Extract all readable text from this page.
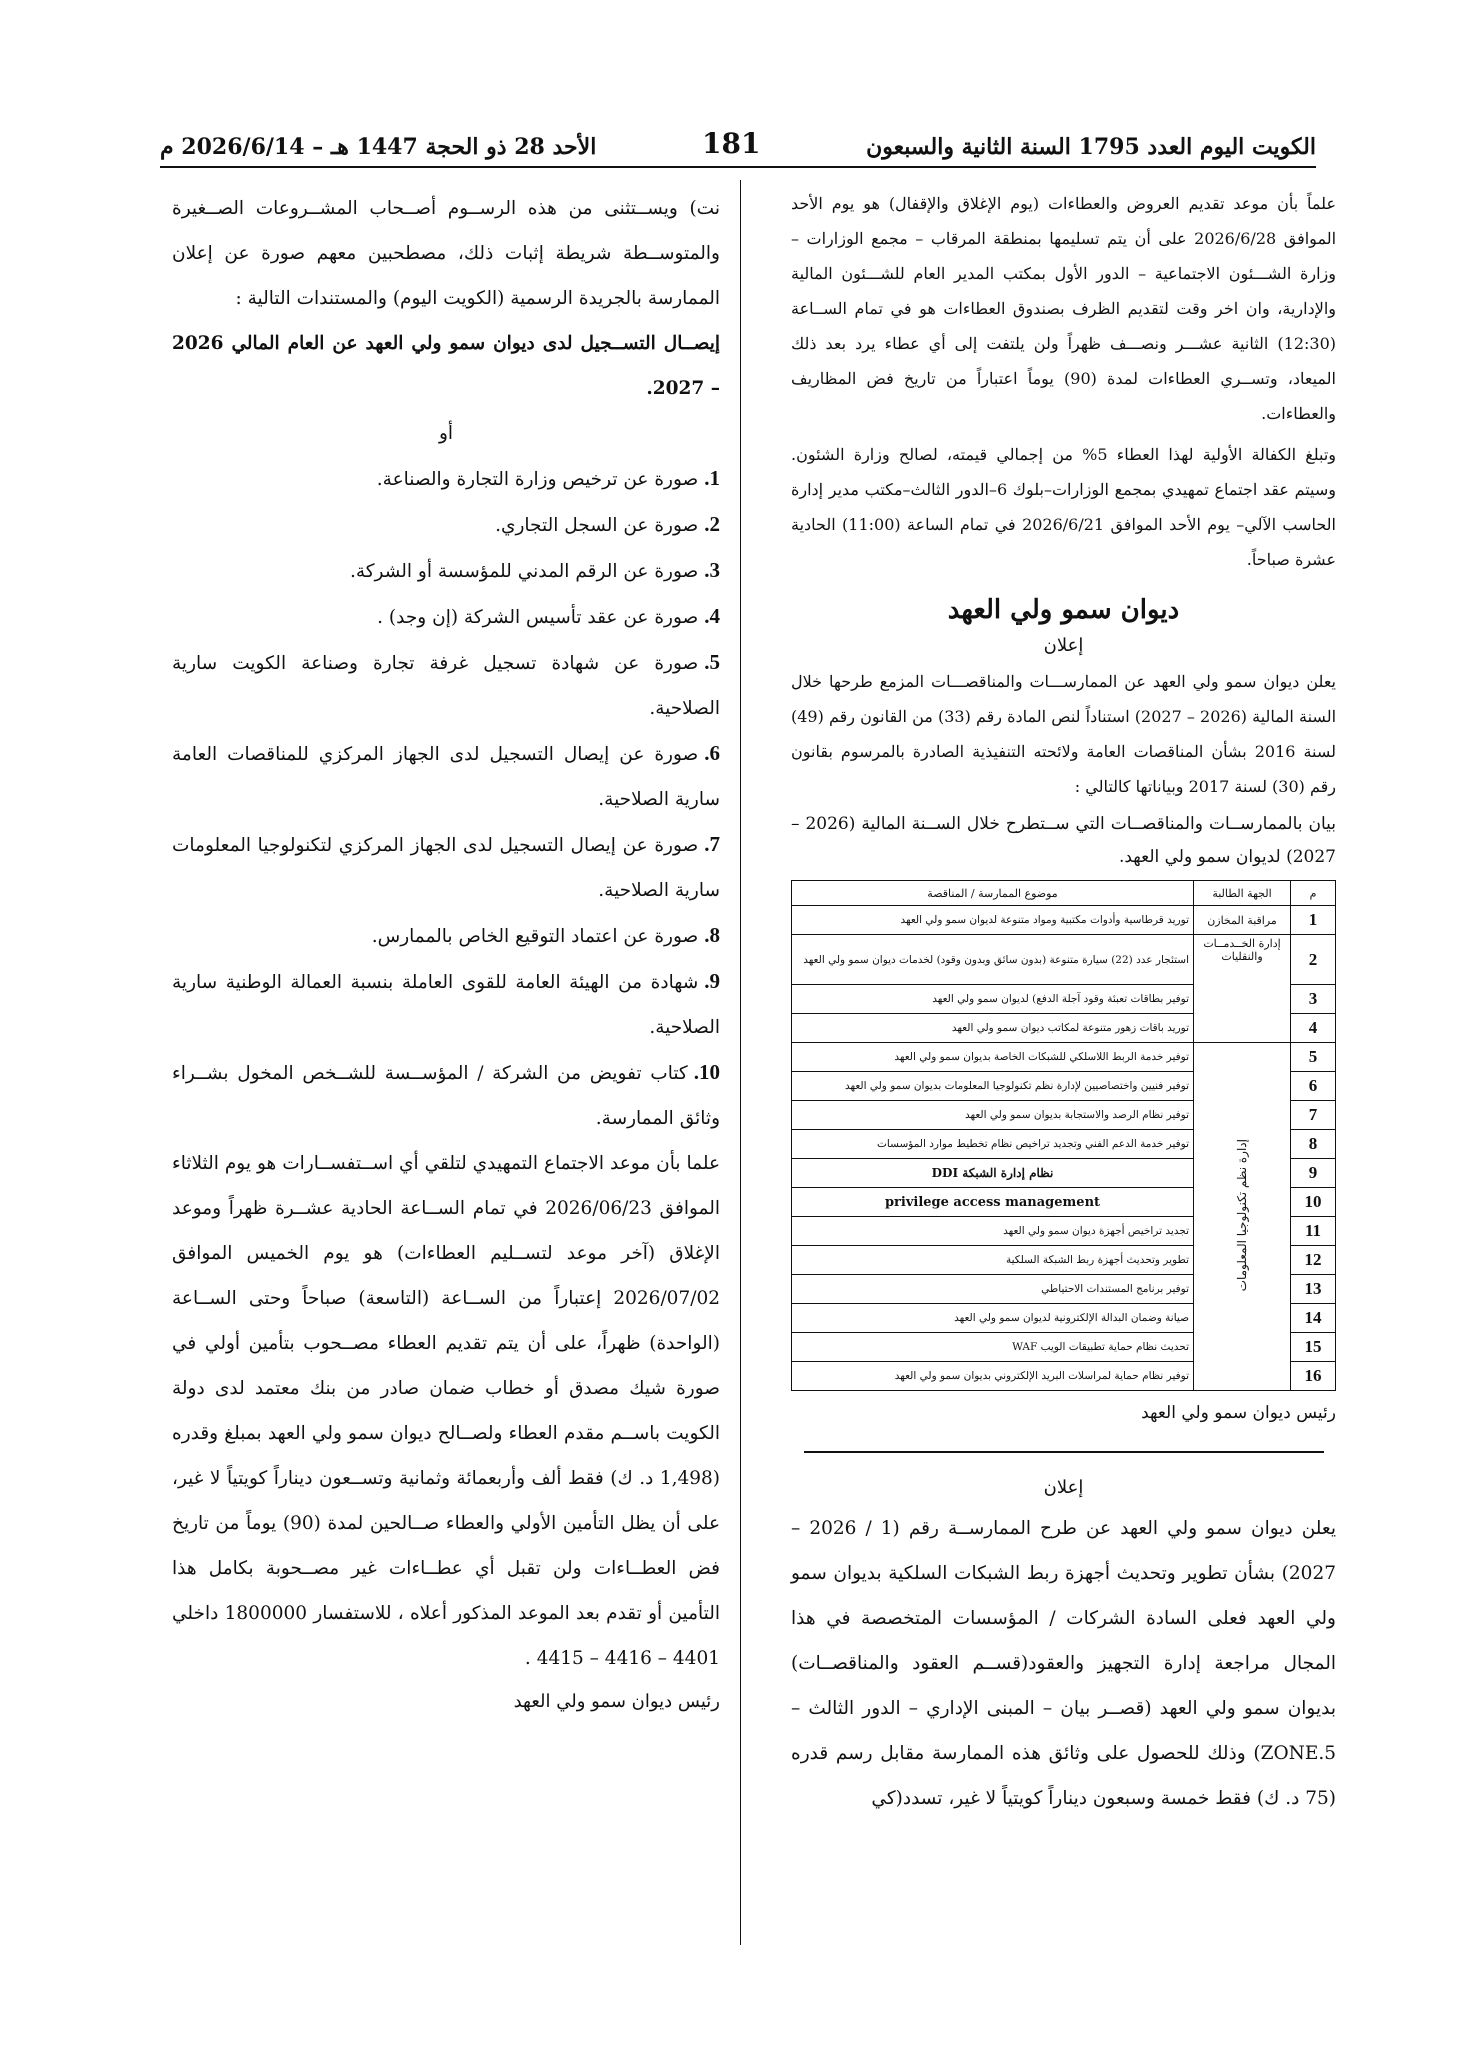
الكويت اليوم العدد 1795 السنة الثانية والسبعون
181
الأحد 28 ذو الحجة 1447 هـ – 2026/6/14 م

علماً بأن موعد تقديم العروض والعطاءات (يوم الإغلاق والإقفال) هو يوم الأحد الموافق 2026/6/28 على أن يتم تسليمها بمنطقة المرقاب – مجمع الوزارات – وزارة الشـــئون الاجتماعية – الدور الأول بمكتب المدير العام للشـــئون المالية والإدارية، وان اخر وقت لتقديم الظرف بصندوق العطاءات هو في تمام الســاعة (12:30) الثانية عشـــر ونصـــف ظهراً ولن يلتفت إلى أي عطاء يرد بعد ذلك الميعاد، وتســري العطاءات لمدة (90) يوماً اعتباراً من تاريخ فض المظاريف والعطاءات.

وتبلغ الكفالة الأولية لهذا العطاء 5% من إجمالي قيمته، لصالح وزارة الشئون. وسيتم عقد اجتماع تمهيدي بمجمع الوزارات–بلوك 6–الدور الثالث–مكتب مدير إدارة الحاسب الآلي– يوم الأحد الموافق 2026/6/21 في تمام الساعة (11:00) الحادية عشرة صباحاً.

ديوان سمو ولي العهد
إعلان

يعلن ديوان سمو ولي العهد عن الممارســـات والمناقصـــات المزمع طرحها خلال السنة المالية (2026 – 2027) استناداً لنص المادة رقم (33) من القانون رقم (49) لسنة 2016 بشأن المناقصات العامة ولائحته التنفيذية الصادرة بالمرسوم بقانون رقم (30) لسنة 2017 وبياناتها كالتالي :

بيان بالممارســات والمناقصــات التي ســتطرح خلال الســنة المالية (2026 – 2027) لديوان سمو ولي العهد.

م	الجهة الطالبة	موضوع الممارسة / المناقصة
1	مراقبة المخازن	توريد قرطاسية وأدوات مكتبية ومواد متنوعة لديوان سمو ولي العهد
2	إدارة الخــدمــات والنقليات	استئجار عدد (22) سيارة متنوعة (بدون سائق وبدون وقود) لخدمات ديوان سمو ولي العهد
3		توفير بطاقات تعبئة وقود آجلة الدفع) لديوان سمو ولي العهد
4		توريد باقات زهور متنوعة لمكاتب ديوان سمو ولي العهد
5	إدارة نظم تكنولوجيا المعلومات	توفير خدمة الربط اللاسلكي للشبكات الخاصة بديوان سمو ولي العهد
6		توفير فنيين واختصاصيين لإدارة نظم تكنولوجيا المعلومات بديوان سمو ولي العهد
7		توفير نظام الرصد والاستجابة بديوان سمو ولي العهد
8		توفير خدمة الدعم الفني وتجديد تراخيص نظام تخطيط موارد المؤسسات
9		نظام إدارة الشبكة DDI
10		privilege access management
11		تجديد تراخيص أجهزة ديوان سمو ولي العهد
12		تطوير وتحديث أجهزة ربط الشبكة السلكية
13		توفير برنامج المستندات الاحتياطي
14		صيانة وضمان البدالة الإلكترونية لديوان سمو ولي العهد
15		تحديث نظام حماية تطبيقات الويب WAF
16		توفير نظام حماية لمراسلات البريد الإلكتروني بديوان سمو ولي العهد
رئيس ديوان سمو ولي العهد
إعلان

يعلن ديوان سمو ولي العهد عن طرح الممارســة رقم (1 / 2026 – 2027) بشأن تطوير وتحديث أجهزة ربط الشبكات السلكية بديوان سمو ولي العهد فعلى السادة الشركات / المؤسسات المتخصصة في هذا المجال مراجعة إدارة التجهيز والعقود(قســم العقود والمناقصــات) بديوان سمو ولي العهد (قصــر بيان – المبنى الإداري – الدور الثالث – ZONE.5) وذلك للحصول على وثائق هذه الممارسة مقابل رسم قدره (75 د. ك) فقط خمسة وسبعون ديناراً كويتياً لا غير، تسدد(كي

نت) ويســتثنى من هذه الرســوم أصــحاب المشــروعات الصــغيرة والمتوســطة شريطة إثبات ذلك، مصطحبين معهم صورة عن إعلان الممارسة بالجريدة الرسمية (الكويت اليوم) والمستندات التالية :

إيصــال التســجيل لدى ديوان سمو ولي العهد عن العام المالي 2026 – 2027.

أو

1.صورة عن ترخيص وزارة التجارة والصناعة.

2.صورة عن السجل التجاري.

3.صورة عن الرقم المدني للمؤسسة أو الشركة.

4.صورة عن عقد تأسيس الشركة (إن وجد) .

5.صورة عن شهادة تسجيل غرفة تجارة وصناعة الكويت سارية الصلاحية.

6.صورة عن إيصال التسجيل لدى الجهاز المركزي للمناقصات العامة سارية الصلاحية.

7.صورة عن إيصال التسجيل لدى الجهاز المركزي لتكنولوجيا المعلومات سارية الصلاحية.

8.صورة عن اعتماد التوقيع الخاص بالممارس.

9.شهادة من الهيئة العامة للقوى العاملة بنسبة العمالة الوطنية سارية الصلاحية.

10.كتاب تفويض من الشركة / المؤســسة للشــخص المخول بشــراء وثائق الممارسة.

علما بأن موعد الاجتماع التمهيدي لتلقي أي اســتفســارات هو يوم الثلاثاء الموافق 2026/06/23 في تمام الســاعة الحادية عشــرة ظهراً وموعد الإغلاق (آخر موعد لتســليم العطاءات) هو يوم الخميس الموافق 2026/07/02 إعتباراً من الســاعة (التاسعة) صباحاً وحتى الســاعة (الواحدة) ظهراً، على أن يتم تقديم العطاء مصــحوب بتأمين أولي في صورة شيك مصدق أو خطاب ضمان صادر من بنك معتمد لدى دولة الكويت باســم مقدم العطاء ولصــالح ديوان سمو ولي العهد بمبلغ وقدره (1,498 د. ك) فقط ألف وأربعمائة وثمانية وتســعون ديناراً كويتياً لا غير، على أن يظل التأمين الأولي والعطاء صــالحين لمدة (90) يوماً من تاريخ فض العطــاءات ولن تقبل أي عطــاءات غير مصــحوبة بكامل هذا التأمين أو تقدم بعد الموعد المذكور أعلاه ، للاستفسار 1800000 داخلي 4401 – 4416 – 4415 .

رئيس ديوان سمو ولي العهد
